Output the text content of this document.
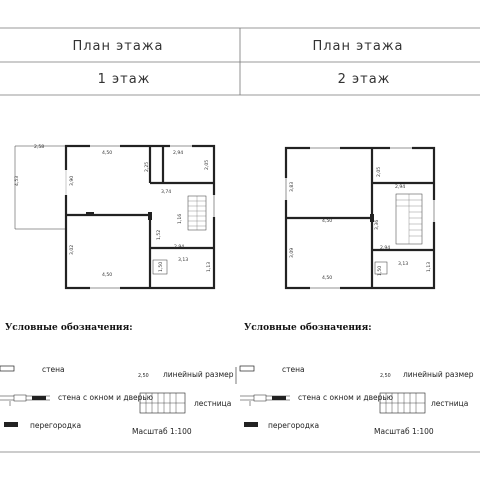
План этажа	План этажа
1 этаж	2 этаж
2,58
4,53
4,50
3,90
2,94
2,05
2,25
3,74
1,16
3,02
4,50
1,52
2,94
3,13
1,50	1,13
3,83
4,50
3,09
4,50
2,05
2,94
3,36
2,94
3,13
1,50	1,13
Условные обозначения:
стена
стена с окном и дверью
перегородка
2,50 линейный размер
лестница
Масштаб 1:100
Условные обозначения:
стена
стена с окном и дверью
перегородка
2,50 линейный размер
лестница
Масштаб 1:100
